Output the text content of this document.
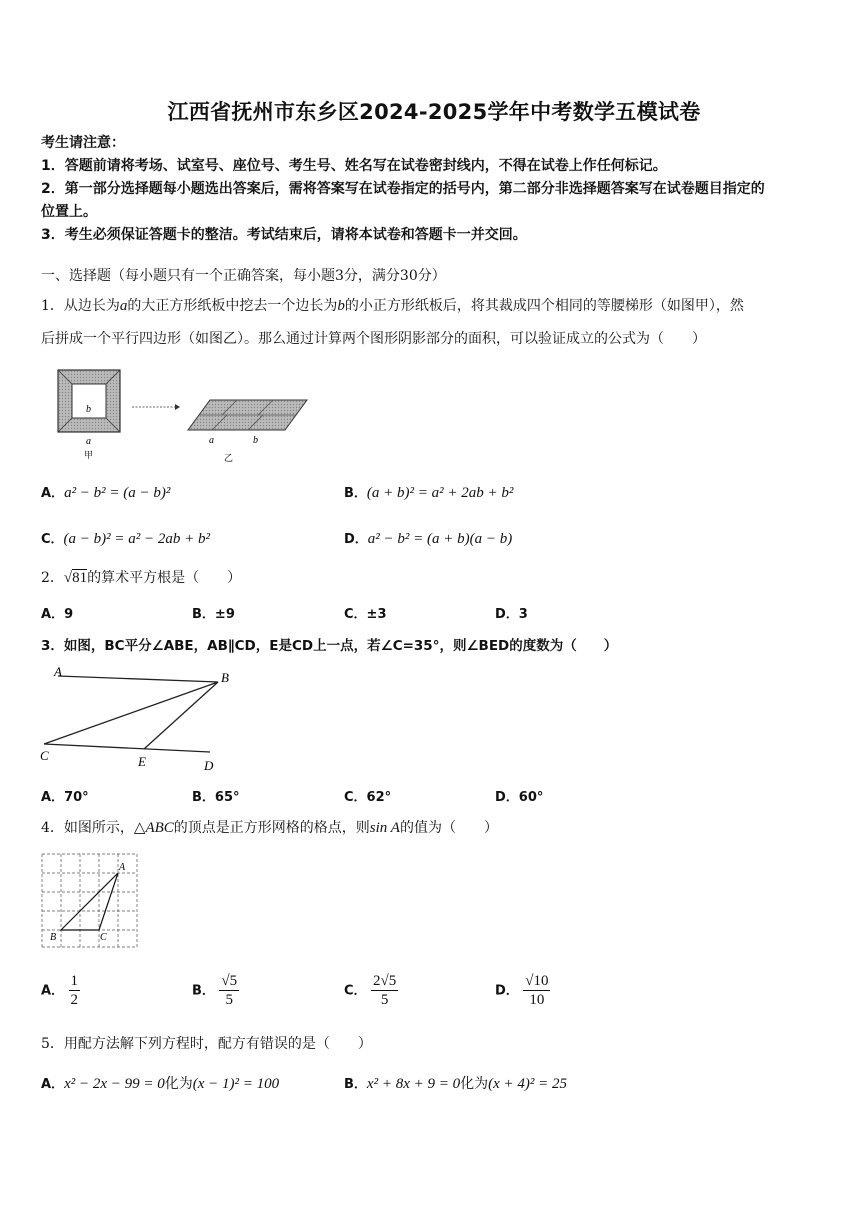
江西省抚州市东乡区2024-2025学年中考数学五模试卷
考生请注意：
1．答题前请将考场、试室号、座位号、考生号、姓名写在试卷密封线内，不得在试卷上作任何标记。
2．第一部分选择题每小题选出答案后，需将答案写在试卷指定的括号内，第二部分非选择题答案写在试卷题目指定的
位置上。
3．考生必须保证答题卡的整洁。考试结束后，请将本试卷和答题卡一并交回。
一、选择题（每小题只有一个正确答案，每小题3分，满分30分）
1．从边长为a的大正方形纸板中挖去一个边长为b的小正方形纸板后，将其裁成四个相同的等腰梯形（如图甲），然
后拼成一个平行四边形（如图乙）。那么通过计算两个图形阴影部分的面积，可以验证成立的公式为（　　）
b
a
甲
a	b
乙
A．a² − b² = (a − b)²	B．(a + b)² = a² + 2ab + b²
C．(a − b)² = a² − 2ab + b²	D．a² − b² = (a + b)(a − b)
2．√81的算术平方根是（　　）
A．9	B．±9	C．±3	D．3
3．如图，BC平分∠ABE，AB∥CD，E是CD上一点，若∠C=35°，则∠BED的度数为（　　）
A	B
C	E	D
A．70°	B．65°	C．62°	D．60°
4．如图所示，△ABC的顶点是正方形网格的格点，则sin A的值为（　　）
A
B	C
A． $\frac{1}{2}$	B． $\frac{√5}{5}$	C． $\frac{2√5}{5}$	D． $\frac{√10}{10}$
5．用配方法解下列方程时，配方有错误的是（　　）
A．x² − 2x − 99 = 0化为(x − 1)² = 100	B．x² + 8x + 9 = 0化为(x + 4)² = 25
